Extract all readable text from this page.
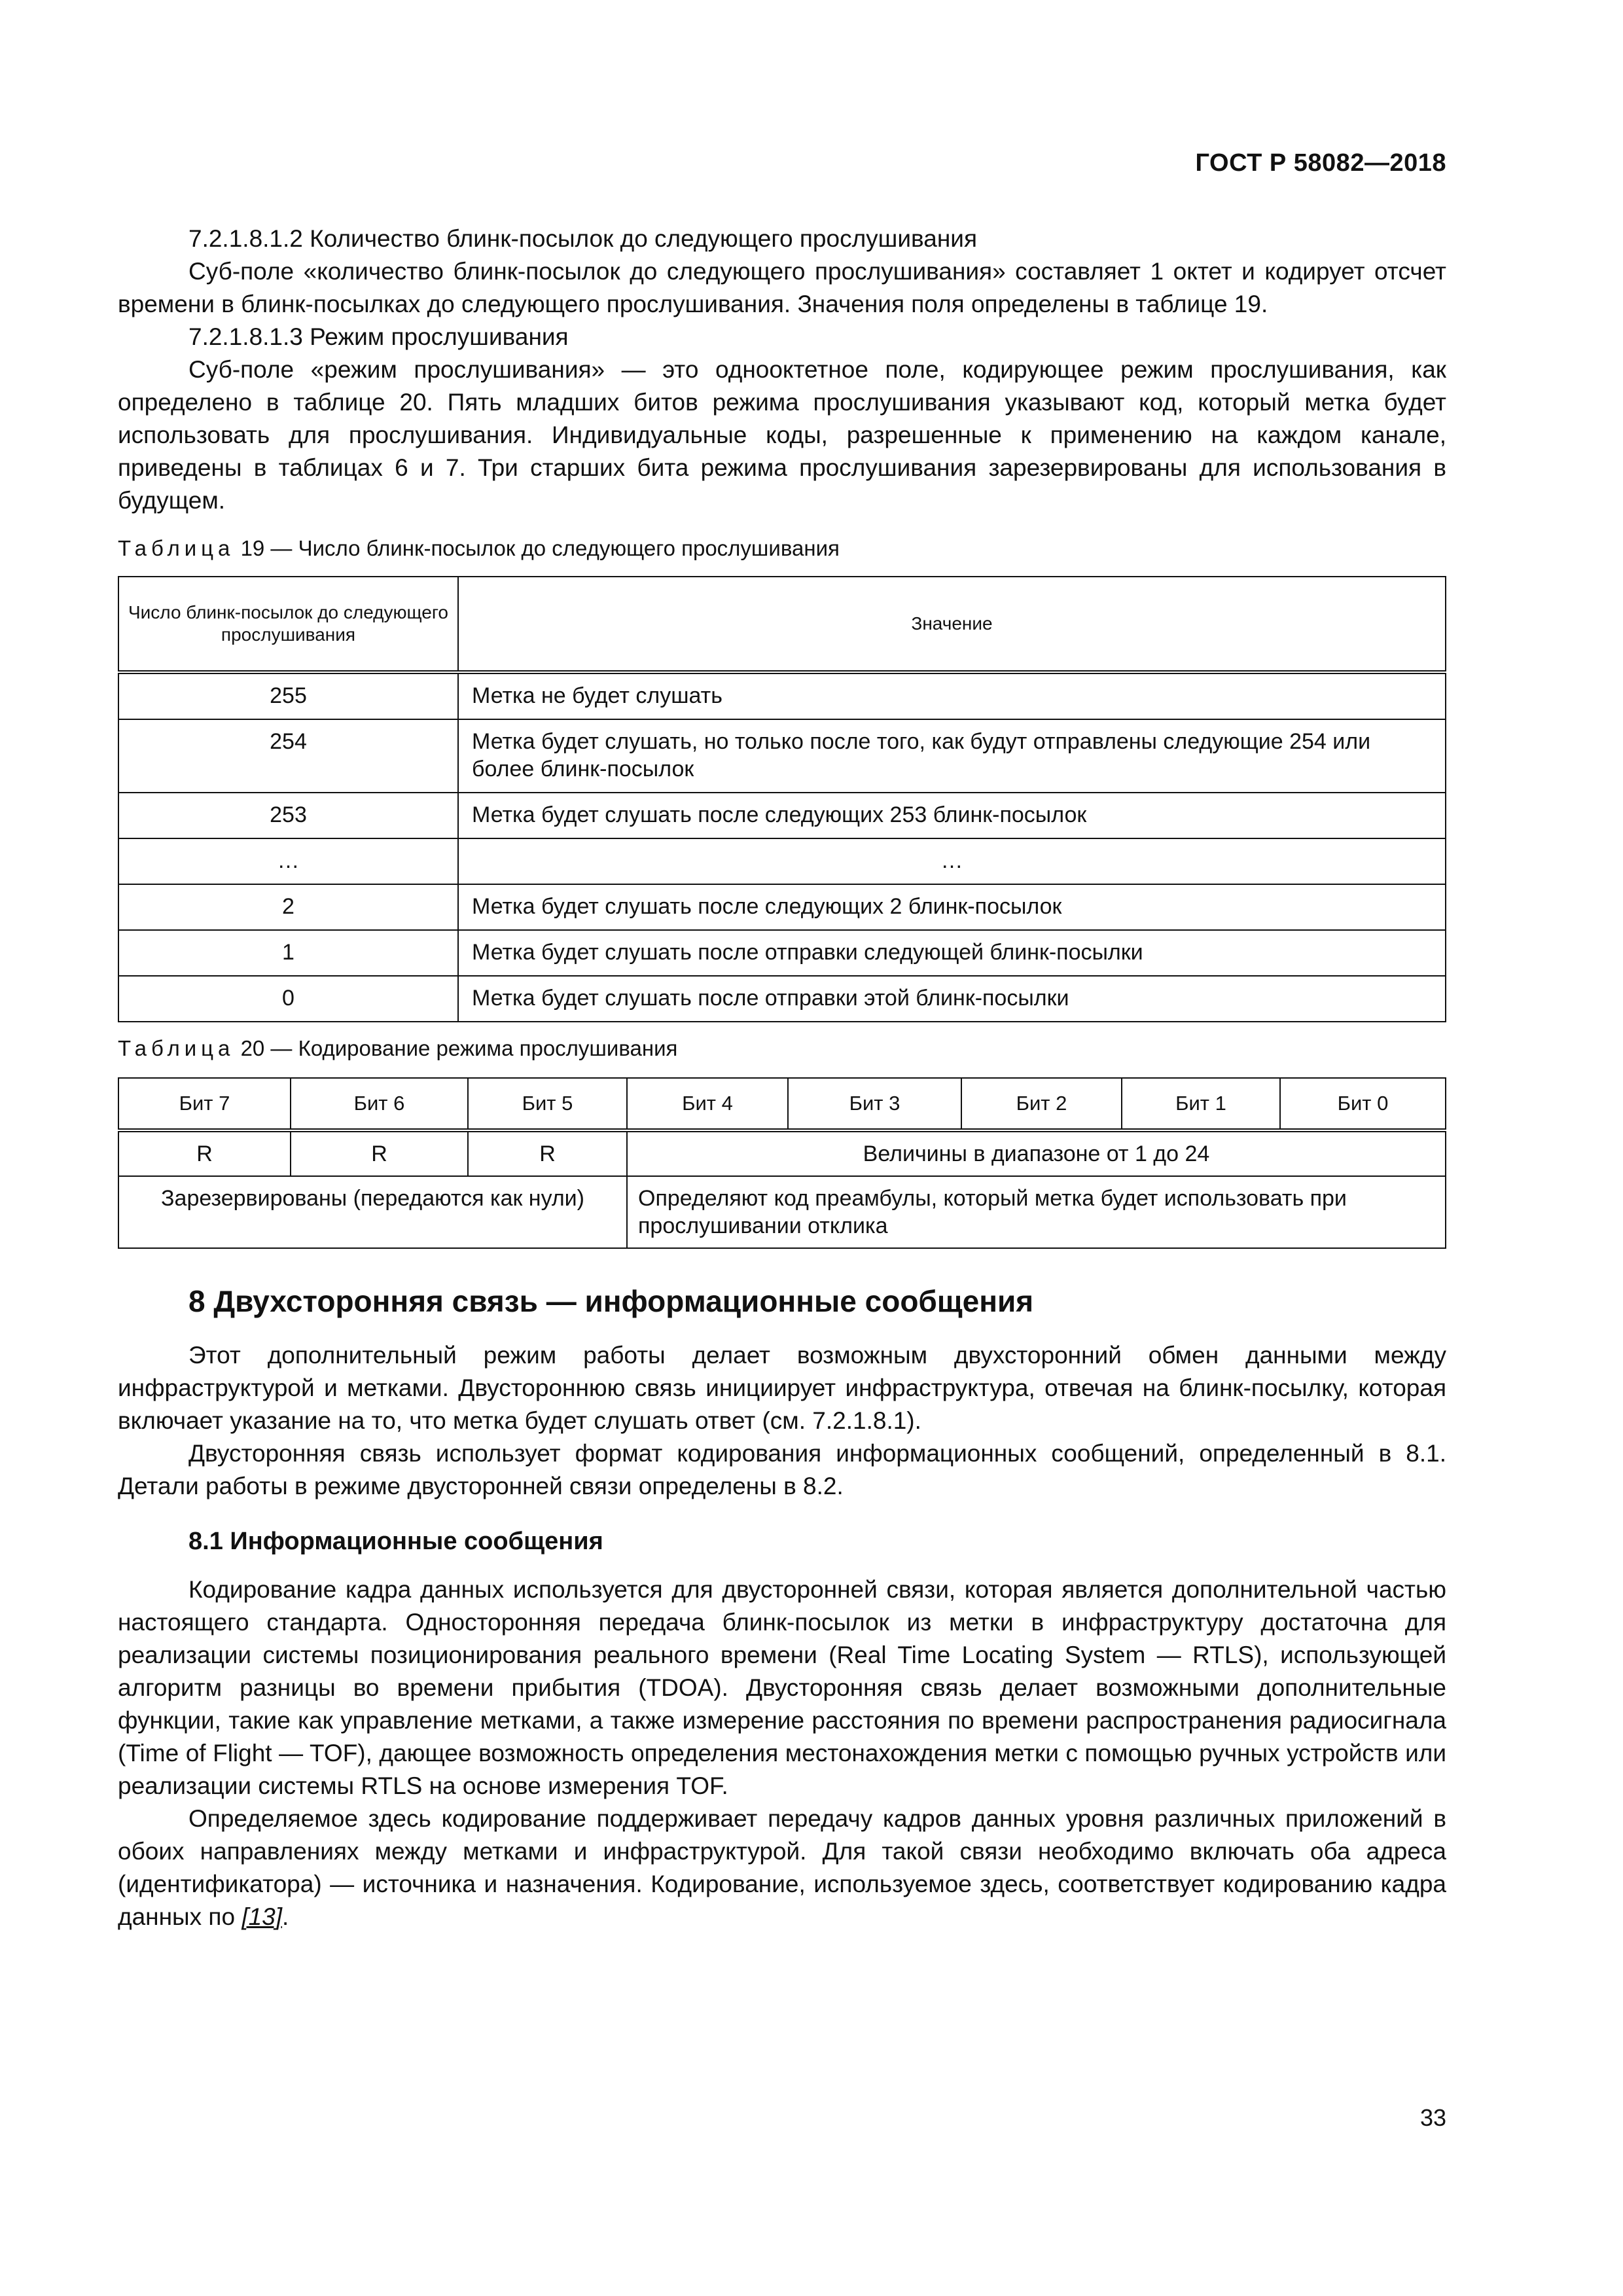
ГОСТ Р 58082—2018

7.2.1.8.1.2 Количество блинк-посылок до следующего прослушивания

Суб-поле «количество блинк-посылок до следующего прослушивания» составляет 1 октет и кодирует отсчет времени в блинк-посылках до следующего прослушивания. Значения поля определены в таблице 19.

7.2.1.8.1.3 Режим прослушивания

Суб-поле «режим прослушивания» — это однооктетное поле, кодирующее режим прослушивания, как определено в таблице 20. Пять младших битов режима прослушивания указывают код, который метка будет использовать для прослушивания. Индивидуальные коды, разрешенные к применению на каждом канале, приведены в таблицах 6 и 7. Три старших бита режима прослушивания зарезервированы для использования в будущем.

Таблица 19 — Число блинк-посылок до следующего прослушивания

Число блинк-посылок до следующего прослушивания	Значение
255	Метка не будет слушать
254	Метка будет слушать, но только после того, как будут отправлены следующие 254 или более блинк-посылок
253	Метка будет слушать после следующих 253 блинк-посылок
…	…
2	Метка будет слушать после следующих 2 блинк-посылок
1	Метка будет слушать после отправки следующей блинк-посылки
0	Метка будет слушать после отправки этой блинк-посылки

Таблица 20 — Кодирование режима прослушивания

Бит 7	Бит 6	Бит 5	Бит 4	Бит 3	Бит 2	Бит 1	Бит 0
R	R	R	Величины в диапазоне от 1 до 24				
Зарезервированы (передаются как нули)			Определяют код преамбулы, который метка будет использовать при прослушивании отклика				

8 Двухсторонняя связь — информационные сообщения

Этот дополнительный режим работы делает возможным двухсторонний обмен данными между инфраструктурой и метками. Двустороннюю связь инициирует инфраструктура, отвечая на блинк-посылку, которая включает указание на то, что метка будет слушать ответ (см. 7.2.1.8.1).

Двусторонняя связь использует формат кодирования информационных сообщений, определенный в 8.1. Детали работы в режиме двусторонней связи определены в 8.2.

8.1 Информационные сообщения

Кодирование кадра данных используется для двусторонней связи, которая является дополнительной частью настоящего стандарта. Односторонняя передача блинк-посылок из метки в инфраструктуру достаточна для реализации системы позиционирования реального времени (Real Time Locating System — RTLS), использующей алгоритм разницы во времени прибытия (TDOA). Двусторонняя связь делает возможными дополнительные функции, такие как управление метками, а также измерение расстояния по времени распространения радиосигнала (Time of Flight — TOF), дающее возможность определения местонахождения метки с помощью ручных устройств или реализации системы RTLS на основе измерения TOF.

Определяемое здесь кодирование поддерживает передачу кадров данных уровня различных приложений в обоих направлениях между метками и инфраструктурой. Для такой связи необходимо включать оба адреса (идентификатора) — источника и назначения. Кодирование, используемое здесь, соответствует кодированию кадра данных по [13].

33
